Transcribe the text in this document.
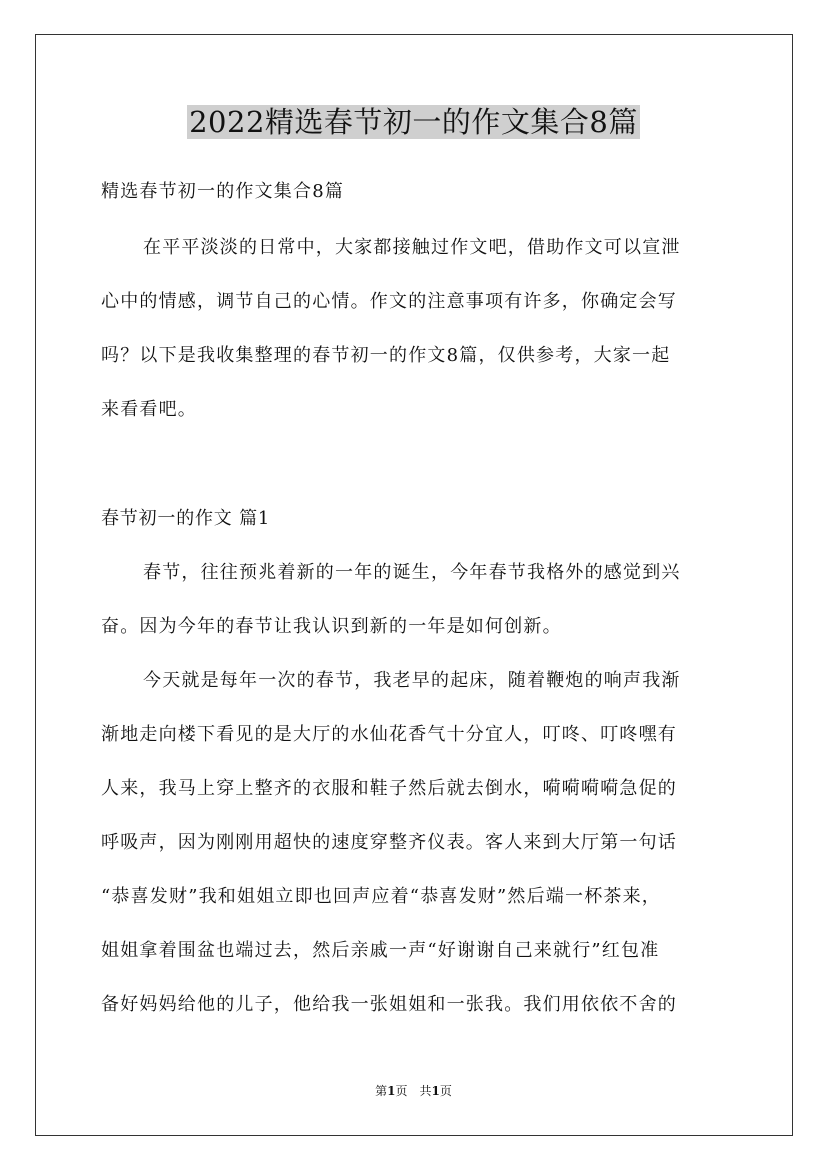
2022精选春节初一的作文集合8篇

精选春节初一的作文集合8篇

在平平淡淡的日常中，大家都接触过作文吧，借助作文可以宣泄

心中的情感，调节自己的心情。作文的注意事项有许多，你确定会写

吗？以下是我收集整理的春节初一的作文8篇，仅供参考，大家一起

来看看吧。

春节初一的作文 篇1

春节，往往预兆着新的一年的诞生，今年春节我格外的感觉到兴

奋。因为今年的春节让我认识到新的一年是如何创新。

今天就是每年一次的春节，我老早的起床，随着鞭炮的响声我渐

渐地走向楼下看见的是大厅的水仙花香气十分宜人，叮咚、叮咚嘿有

人来，我马上穿上整齐的衣服和鞋子然后就去倒水，嗬嗬嗬嗬急促的

呼吸声，因为刚刚用超快的速度穿整齐仪表。客人来到大厅第一句话

“恭喜发财”我和姐姐立即也回声应着“恭喜发财”然后端一杯茶来，

姐姐拿着围盆也端过去，然后亲戚一声“好谢谢自己来就行”红包准

备好妈妈给他的儿子，他给我一张姐姐和一张我。我们用依依不舍的

第1页　共1页
